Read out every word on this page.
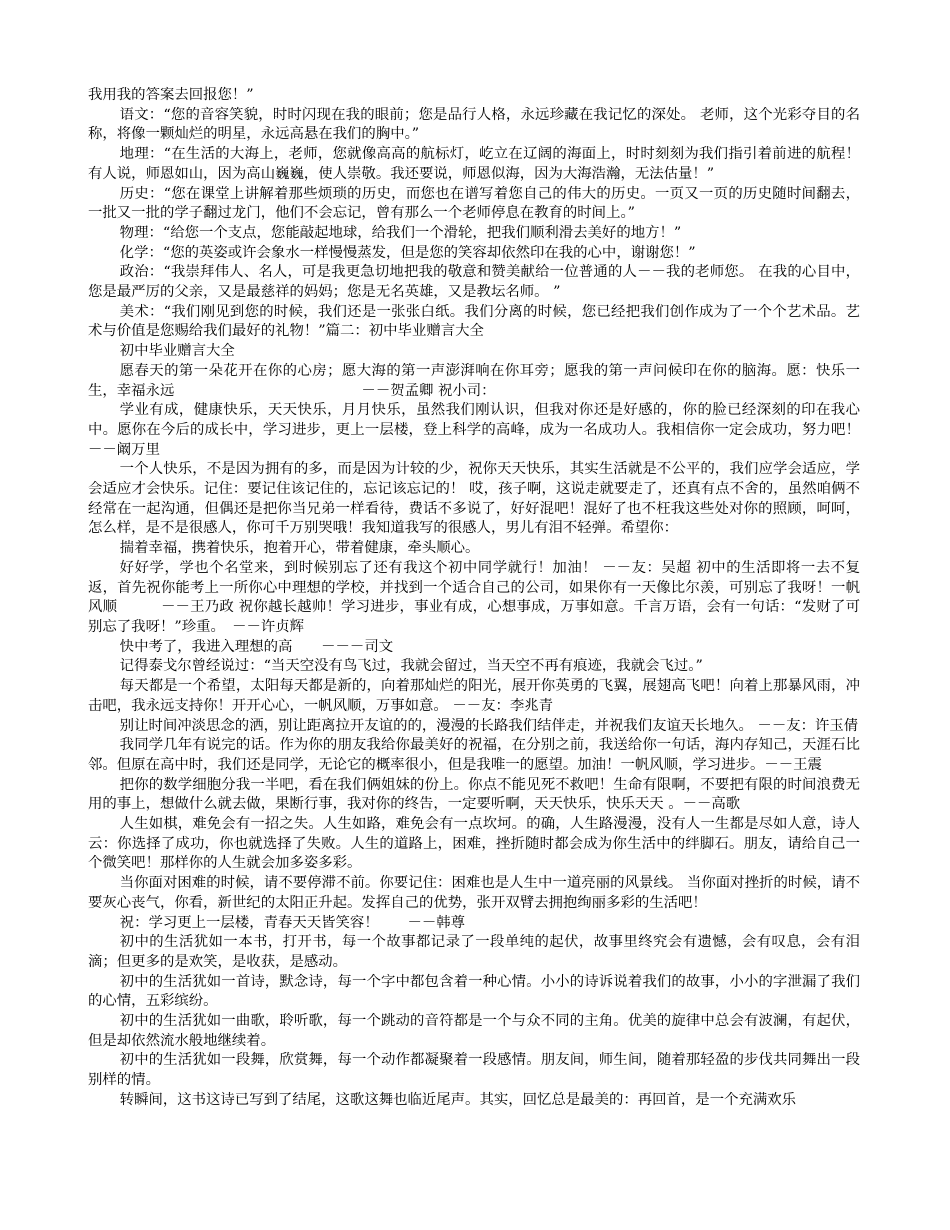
我用我的答案去回报您！”

语文：“您的音容笑貌，时时闪现在我的眼前；您是品行人格，永远珍藏在我记忆的深处。 老师，这个光彩夺目的名称，将像一颗灿烂的明星，永远高悬在我们的胸中。”

地理：“在生活的大海上，老师，您就像高高的航标灯，屹立在辽阔的海面上，时时刻刻为我们指引着前进的航程！有人说，师恩如山，因为高山巍巍，使人崇敬。我还要说，师恩似海，因为大海浩瀚，无法估量！”

历史：“您在课堂上讲解着那些烦琐的历史，而您也在谱写着您自己的伟大的历史。一页又一页的历史随时间翻去，一批又一批的学子翻过龙门，他们不会忘记，曾有那么一个老师停息在教育的时间上。”

物理：“给您一个支点，您能敲起地球，给我们一个滑轮，把我们顺利滑去美好的地方！”

化学：“您的英姿或许会象水一样慢慢蒸发，但是您的笑容却依然印在我的心中，谢谢您！”

政治：“我崇拜伟人、名人，可是我更急切地把我的敬意和赞美献给一位普通的人－－我的老师您。 在我的心目中，您是最严厉的父亲，又是最慈祥的妈妈；您是无名英雄，又是教坛名师。 ”

美术：“我们刚见到您的时候，我们还是一张张白纸。我们分离的时候，您已经把我们创作成为了一个个艺术品。艺术与价值是您赐给我们最好的礼物！”篇二：初中毕业赠言大全

初中毕业赠言大全

愿春天的第一朵花开在你的心房；愿大海的第一声澎湃响在你耳旁；愿我的第一声问候印在你的脑海。愿：快乐一生，幸福永远　　　　　　　　　　　　　－－贺孟卿 祝小司：

学业有成，健康快乐，天天快乐，月月快乐，虽然我们刚认识，但我对你还是好感的，你的脸已经深刻的印在我心中。愿你在今后的成长中，学习进步，更上一层楼，登上科学的高峰，成为一名成功人。我相信你一定会成功，努力吧！　　－－阚万里

一个人快乐，不是因为拥有的多，而是因为计较的少，祝你天天快乐，其实生活就是不公平的，我们应学会适应，学会适应才会快乐。记住：要记住该记住的，忘记该忘记的！ 哎，孩子啊，这说走就要走了，还真有点不舍的，虽然咱俩不经常在一起沟通，但偶还是把你当兄弟一样看待，费话不多说了，好好混吧！混好了也不枉我这些处对你的照顾，呵呵，怎么样，是不是很感人，你可千万别哭哦！我知道我写的很感人，男儿有泪不轻弹。希望你：

揣着幸福，携着快乐，抱着开心，带着健康，牵头顺心。

好好学，学也个名堂来，到时候别忘了还有我这个初中同学就行！加油！ －－友：吴超 初中的生活即将一去不复返，首先祝你能考上一所你心中理想的学校，并找到一个适合自己的公司，如果你有一天像比尔羡，可别忘了我呀！一帆风顺　　　－－王乃政 祝你越长越帅！学习进步，事业有成，心想事成，万事如意。千言万语，会有一句话：“发财了可别忘了我呀！”珍重。　－－许贞辉

快中考了，我进入理想的高　　－－－司文

记得泰戈尔曾经说过：“当天空没有鸟飞过，我就会留过，当天空不再有痕迹，我就会飞过。”

每天都是一个希望，太阳每天都是新的，向着那灿烂的阳光，展开你英勇的飞翼，展翅高飞吧！向着上那暴风雨，冲击吧，我永远支持你！开开心心，一帆风顺，万事如意。 －－友：李兆青

别让时间冲淡思念的洒，别让距离拉开友谊的的，漫漫的长路我们结伴走，并祝我们友谊天长地久。 －－友：许玉倩

我同学几年有说完的话。作为你的朋友我给你最美好的祝福，在分别之前，我送给你一句话，海内存知己，天涯石比邻。但原在高中时，我们还是同学，无论它的概率很小，但是我唯一的愿望。加油！一帆风顺，学习进步。－－王震

把你的数学细胞分我一半吧，看在我们俩姐妹的份上。你点不能见死不救吧！生命有限啊，不要把有限的时间浪费无用的事上，想做什么就去做，果断行事，我对你的终告，一定要听啊，天天快乐，快乐天天 。－－高歌

人生如棋，难免会有一招之失。人生如路，难免会有一点坎坷。的确，人生路漫漫，没有人一生都是尽如人意，诗人云：你选择了成功，你也就选择了失败。人生的道路上，困难，挫折随时都会成为你生活中的绊脚石。朋友，请给自己一个微笑吧！那样你的人生就会加多姿多彩。

当你面对困难的时候，请不要停滞不前。你要记住：困难也是人生中一道亮丽的风景线。 当你面对挫折的时候，请不要灰心丧气，你看，新世纪的太阳正升起。发挥自己的优势，张开双臂去拥抱绚丽多彩的生活吧！

祝：学习更上一层楼，青春天天皆笑容！　　－－韩尊

初中的生活犹如一本书，打开书，每一个故事都记录了一段单纯的起伏，故事里终究会有遗憾，会有叹息，会有泪滴；但更多的是欢笑，是收获，是感动。

初中的生活犹如一首诗，默念诗，每一个字中都包含着一种心情。小小的诗诉说着我们的故事，小小的字泄漏了我们的心情，五彩缤纷。

初中的生活犹如一曲歌，聆听歌，每一个跳动的音符都是一个与众不同的主角。优美的旋律中总会有波澜，有起伏，但是却依然流水般地继续着。

初中的生活犹如一段舞，欣赏舞，每一个动作都凝聚着一段感情。朋友间，师生间，随着那轻盈的步伐共同舞出一段别样的情。

转瞬间，这书这诗已写到了结尾，这歌这舞也临近尾声。其实，回忆总是最美的：再回首，是一个充满欢乐
